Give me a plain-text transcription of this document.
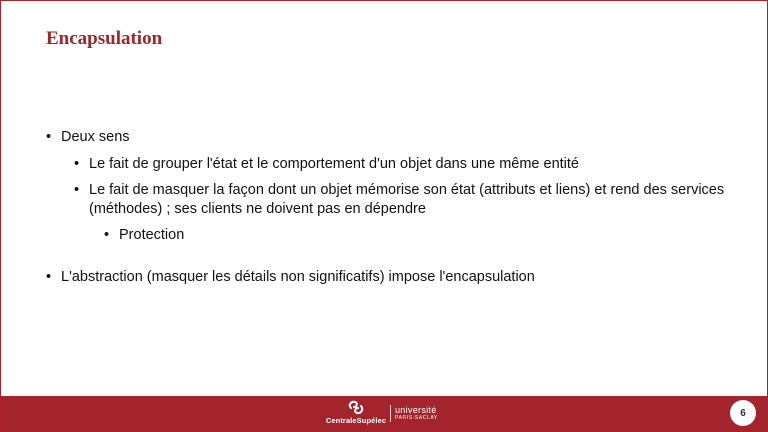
Encapsulation
• Deux sens
• Le fait de grouper l'état et le comportement d'un objet dans une même entité
• Le fait de masquer la façon dont un objet mémorise son état (attributs et liens) et rend des services (méthodes) ; ses clients ne doivent pas en dépendre
• Protection
• L'abstraction (masquer les détails non significatifs) impose l'encapsulation
CentraleSupélec
université
PARIS-SACLAY	6
